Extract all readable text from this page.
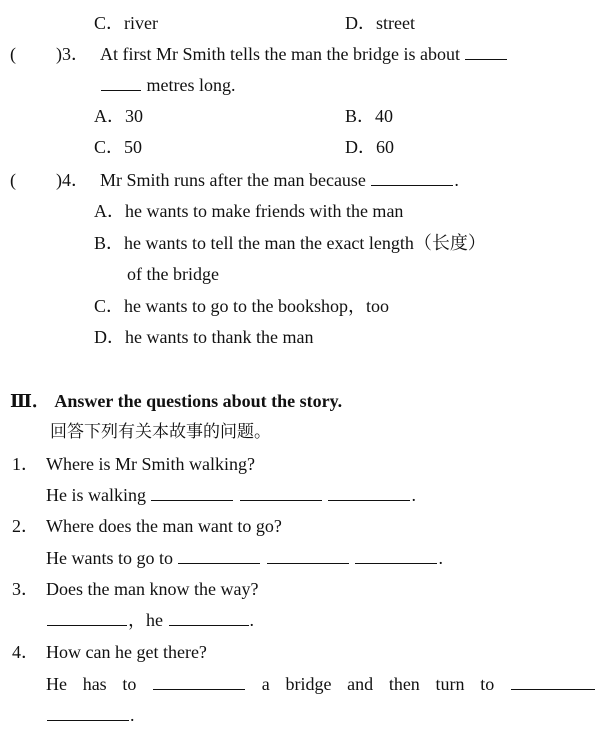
C．river	D．street
( )3． At first Mr Smith tells the man the bridge is about
metres long.
A．30	B．40
C．50	D．60
( )4． Mr Smith runs after the man because	.
A．he wants to make friends with the man
B．he wants to tell the man the exact length（长度）
of the bridge
C．he wants to go to the bookshop，too
D．he wants to thank the man
Ⅲ． Answer the questions about the story.
回答下列有关本故事的问题。
1． Where is Mr Smith walking?
He is walking	.
2． Where does the man want to go?
He wants to go to	.
3． Does the man know the way?
，he	.
4． How can he get there?
He has to	a bridge and then turn to
.
